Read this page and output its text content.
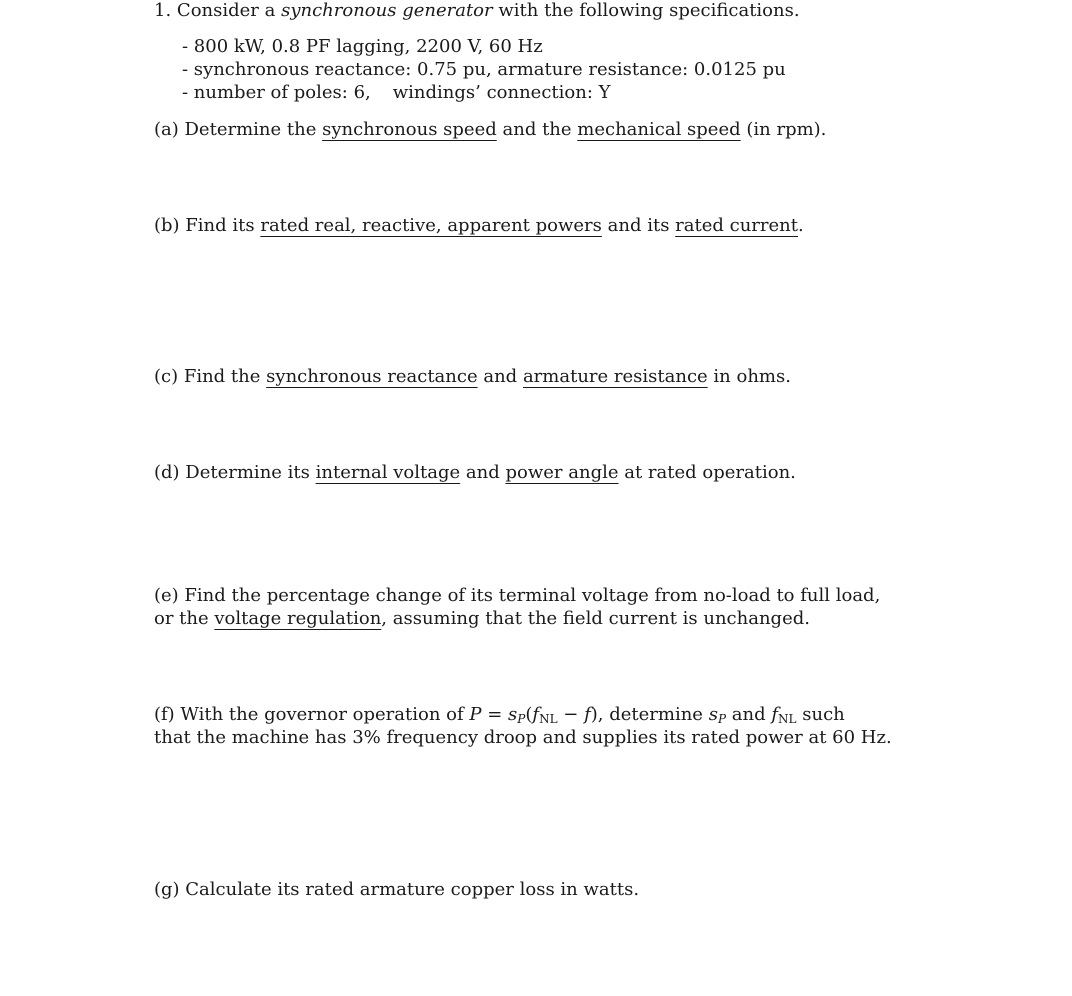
1. Consider a synchronous generator with the following specifications.
- 800 kW, 0.8 PF lagging, 2200 V, 60 Hz
- synchronous reactance: 0.75 pu, armature resistance: 0.0125 pu
- number of poles: 6, windings’ connection: Y
(a) Determine the synchronous speed and the mechanical speed (in rpm).
(b) Find its rated real, reactive, apparent powers and its rated current.
(c) Find the synchronous reactance and armature resistance in ohms.
(d) Determine its internal voltage and power angle at rated operation.
(e) Find the percentage change of its terminal voltage from no-load to full load,
or the voltage regulation, assuming that the field current is unchanged.
(f) With the governor operation of $P = s_P(f_{NL} - f)$, determine $s_P$ and $f_{NL}$ such
that the machine has 3% frequency droop and supplies its rated power at 60 Hz.
(g) Calculate its rated armature copper loss in watts.
